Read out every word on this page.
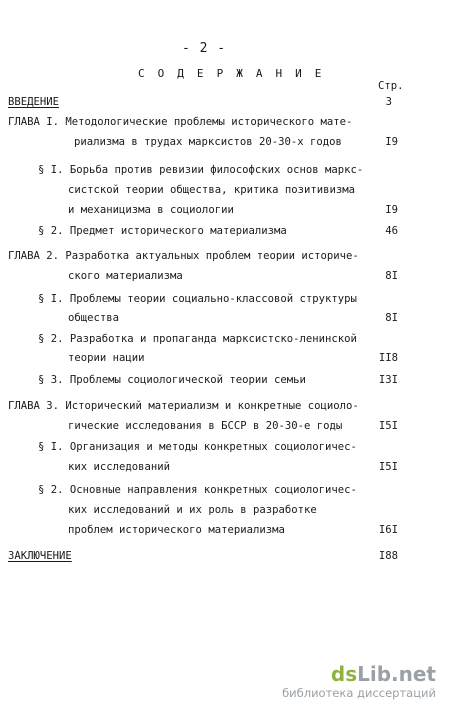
- 2 -
С О Д Е Р Ж А Н И Е
Стр.
ВВЕДЕНИЕ	3
ГЛАВА I. Методологические проблемы исторического мате-
риализма в трудах марксистов 20-30-х годов	I9
§ I. Борьба против ревизии философских основ маркс-
систской теории общества, критика позитивизма
и механицизма в социологии	I9
§ 2. Предмет исторического материализма	46
ГЛАВА 2. Разработка актуальных проблем теории историче-
ского материализма	8I
§ I. Проблемы теории социально-классовой структуры
общества	8I
§ 2. Разработка и пропаганда марксистско-ленинской
теории нации	II8
§ 3. Проблемы социологической теории семьи	I3I
ГЛАВА 3. Исторический материализм и конкретные социоло-
гические исследования в БССР в 20-30-е годы	I5I
§ I. Организация и методы конкретных социологичес-
ких исследований	I5I
§ 2. Основные направления конкретных социологичес-
ких исследований и их роль в разработке
проблем исторического материализма	I6I
ЗАКЛЮЧЕНИЕ	I88
dsLib.net
библиотека диссертаций
